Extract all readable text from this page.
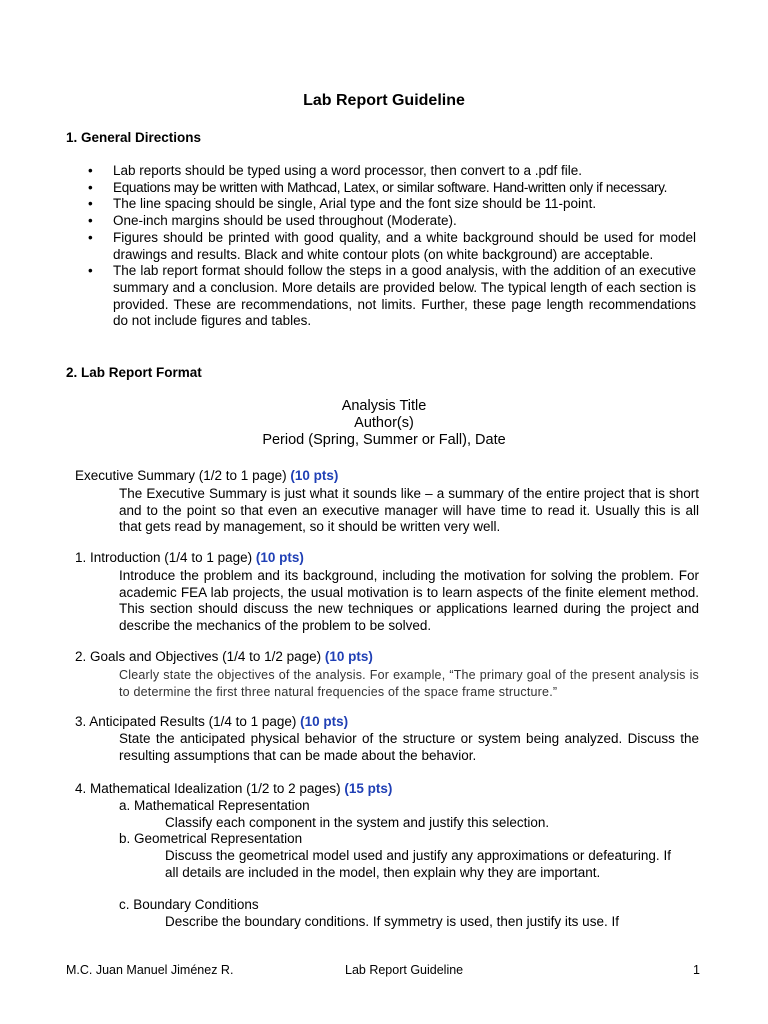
Lab Report Guideline
1. General Directions
• Lab reports should be typed using a word processor, then convert to a .pdf file.
• Equations may be written with Mathcad, Latex, or similar software. Hand-written only if necessary.
• The line spacing should be single, Arial type and the font size should be 11-point.
• One-inch margins should be used throughout (Moderate).
• Figures should be printed with good quality, and a white background should be used for model drawings and results. Black and white contour plots (on white background) are acceptable.
• The lab report format should follow the steps in a good analysis, with the addition of an executive summary and a conclusion. More details are provided below. The typical length of each section is provided. These are recommendations, not limits. Further, these page length recommendations do not include figures and tables.
2. Lab Report Format
Analysis Title
Author(s)
Period (Spring, Summer or Fall), Date
Executive Summary (1/2 to 1 page) (10 pts)
The Executive Summary is just what it sounds like – a summary of the entire project that is short and to the point so that even an executive manager will have time to read it. Usually this is all that gets read by management, so it should be written very well.
1. Introduction (1/4 to 1 page) (10 pts)
Introduce the problem and its background, including the motivation for solving the problem. For academic FEA lab projects, the usual motivation is to learn aspects of the finite element method. This section should discuss the new techniques or applications learned during the project and describe the mechanics of the problem to be solved.
2. Goals and Objectives (1/4 to 1/2 page) (10 pts)
Clearly state the objectives of the analysis. For example, “The primary goal of the present analysis is to determine the first three natural frequencies of the space frame structure.”
3. Anticipated Results (1/4 to 1 page) (10 pts)
State the anticipated physical behavior of the structure or system being analyzed. Discuss the resulting assumptions that can be made about the behavior.
4. Mathematical Idealization (1/2 to 2 pages) (15 pts)
a. Mathematical Representation
Classify each component in the system and justify this selection.
b. Geometrical Representation
Discuss the geometrical model used and justify any approximations or defeaturing. If all details are included in the model, then explain why they are important.
c. Boundary Conditions
Describe the boundary conditions. If symmetry is used, then justify its use. If
M.C. Juan Manuel Jiménez R.	Lab Report Guideline	1
